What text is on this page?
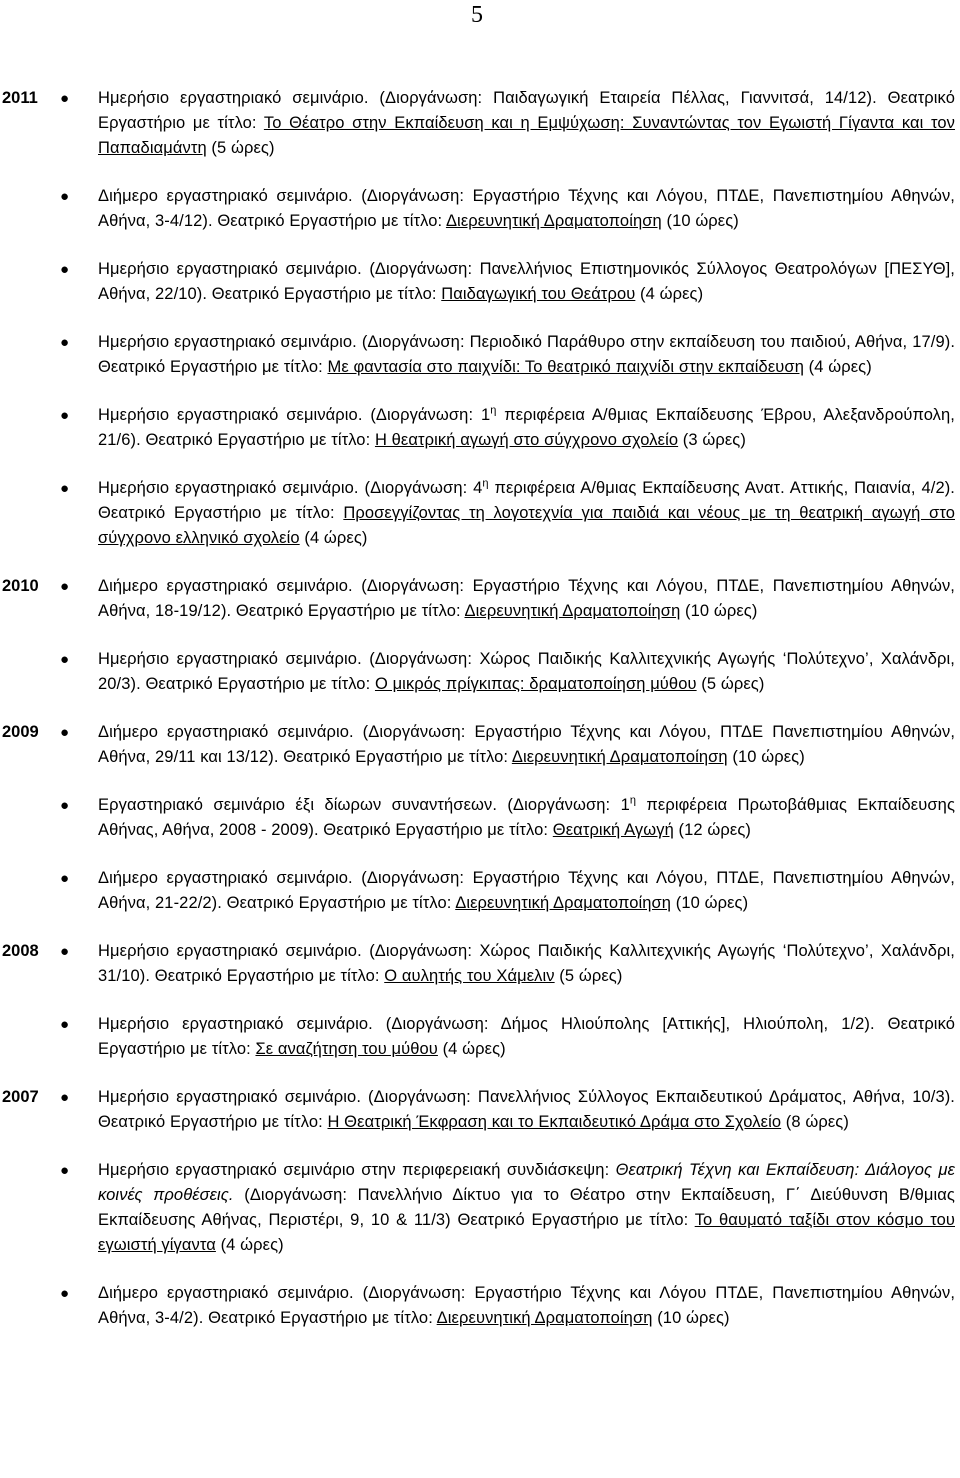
5
2011 ● Ημερήσιο εργαστηριακό σεμινάριο. (Διοργάνωση: Παιδαγωγική Εταιρεία Πέλλας, Γιαννιτσά, 14/12). Θεατρικό Εργαστήριο με τίτλο: Το Θέατρο στην Εκπαίδευση και η Εμψύχωση: Συναντώντας τον Εγωιστή Γίγαντα και τον Παπαδιαμάντη (5 ώρες)
● Διήμερο εργαστηριακό σεμινάριο. (Διοργάνωση: Εργαστήριο Τέχνης και Λόγου, ΠΤΔΕ, Πανεπιστημίου Αθηνών, Αθήνα, 3-4/12). Θεατρικό Εργαστήριο με τίτλο: Διερευνητική Δραματοποίηση (10 ώρες)
● Ημερήσιο εργαστηριακό σεμινάριο. (Διοργάνωση: Πανελλήνιος Επιστημονικός Σύλλογος Θεατρολόγων [ΠΕΣΥΘ], Αθήνα, 22/10). Θεατρικό Εργαστήριο με τίτλο: Παιδαγωγική του Θεάτρου (4 ώρες)
● Ημερήσιο εργαστηριακό σεμινάριο. (Διοργάνωση: Περιοδικό Παράθυρο στην εκπαίδευση του παιδιού, Αθήνα, 17/9). Θεατρικό Εργαστήριο με τίτλο: Με φαντασία στο παιχνίδι: Το θεατρικό παιχνίδι στην εκπαίδευση (4 ώρες)
● Ημερήσιο εργαστηριακό σεμινάριο. (Διοργάνωση: $1^\eta$ περιφέρεια Α/θμιας Εκπαίδευσης Έβρου, Αλεξανδρούπολη, 21/6). Θεατρικό Εργαστήριο με τίτλο: Η θεατρική αγωγή στο σύγχρονο σχολείο (3 ώρες)
● Ημερήσιο εργαστηριακό σεμινάριο. (Διοργάνωση: $4^\eta$ περιφέρεια Α/θμιας Εκπαίδευσης Ανατ. Αττικής, Παιανία, 4/2). Θεατρικό Εργαστήριο με τίτλο: Προσεγγίζοντας τη λογοτεχνία για παιδιά και νέους με τη θεατρική αγωγή στο σύγχρονο ελληνικό σχολείο (4 ώρες)
2010 ● Διήμερο εργαστηριακό σεμινάριο. (Διοργάνωση: Εργαστήριο Τέχνης και Λόγου, ΠΤΔΕ, Πανεπιστημίου Αθηνών, Αθήνα, 18-19/12). Θεατρικό Εργαστήριο με τίτλο: Διερευνητική Δραματοποίηση (10 ώρες)
● Ημερήσιο εργαστηριακό σεμινάριο. (Διοργάνωση: Χώρος Παιδικής Καλλιτεχνικής Αγωγής ‘Πολύτεχνο’, Χαλάνδρι, 20/3). Θεατρικό Εργαστήριο με τίτλο: Ο μικρός πρίγκιπας: δραματοποίηση μύθου (5 ώρες)
2009 ● Διήμερο εργαστηριακό σεμινάριο. (Διοργάνωση: Εργαστήριο Τέχνης και Λόγου, ΠΤΔΕ Πανεπιστημίου Αθηνών, Αθήνα, 29/11 και 13/12). Θεατρικό Εργαστήριο με τίτλο: Διερευνητική Δραματοποίηση (10 ώρες)
● Εργαστηριακό σεμινάριο έξι δίωρων συναντήσεων. (Διοργάνωση: $1^\eta$ περιφέρεια Πρωτοβάθμιας Εκπαίδευσης Αθήνας, Αθήνα, 2008 - 2009). Θεατρικό Εργαστήριο με τίτλο: Θεατρική Αγωγή (12 ώρες)
● Διήμερο εργαστηριακό σεμινάριο. (Διοργάνωση: Εργαστήριο Τέχνης και Λόγου, ΠΤΔΕ, Πανεπιστημίου Αθηνών, Αθήνα, 21-22/2). Θεατρικό Εργαστήριο με τίτλο: Διερευνητική Δραματοποίηση (10 ώρες)
2008 ● Ημερήσιο εργαστηριακό σεμινάριο. (Διοργάνωση: Χώρος Παιδικής Καλλιτεχνικής Αγωγής ‘Πολύτεχνο’, Χαλάνδρι, 31/10). Θεατρικό Εργαστήριο με τίτλο: Ο αυλητής του Χάμελιν (5 ώρες)
● Ημερήσιο εργαστηριακό σεμινάριο. (Διοργάνωση: Δήμος Ηλιούπολης [Αττικής], Ηλιούπολη, 1/2). Θεατρικό Εργαστήριο με τίτλο: Σε αναζήτηση του μύθου (4 ώρες)
2007 ● Ημερήσιο εργαστηριακό σεμινάριο. (Διοργάνωση: Πανελλήνιος Σύλλογος Εκπαιδευτικού Δράματος, Αθήνα, 10/3). Θεατρικό Εργαστήριο με τίτλο: Η Θεατρική Έκφραση και το Εκπαιδευτικό Δράμα στο Σχολείο (8 ώρες)
● Ημερήσιο εργαστηριακό σεμινάριο στην περιφερειακή συνδιάσκεψη: Θεατρική Τέχνη και Εκπαίδευση: Διάλογος με κοινές προθέσεις. (Διοργάνωση: Πανελλήνιο Δίκτυο για το Θέατρο στην Εκπαίδευση, Γ΄ Διεύθυνση Β/θμιας Εκπαίδευσης Αθήνας, Περιστέρι, 9, 10 & 11/3) Θεατρικό Εργαστήριο με τίτλο: Το θαυματό ταξίδι στον κόσμο του εγωιστή γίγαντα (4 ώρες)
● Διήμερο εργαστηριακό σεμινάριο. (Διοργάνωση: Εργαστήριο Τέχνης και Λόγου ΠΤΔΕ, Πανεπιστημίου Αθηνών, Αθήνα, 3-4/2). Θεατρικό Εργαστήριο με τίτλο: Διερευνητική Δραματοποίηση (10 ώρες)
